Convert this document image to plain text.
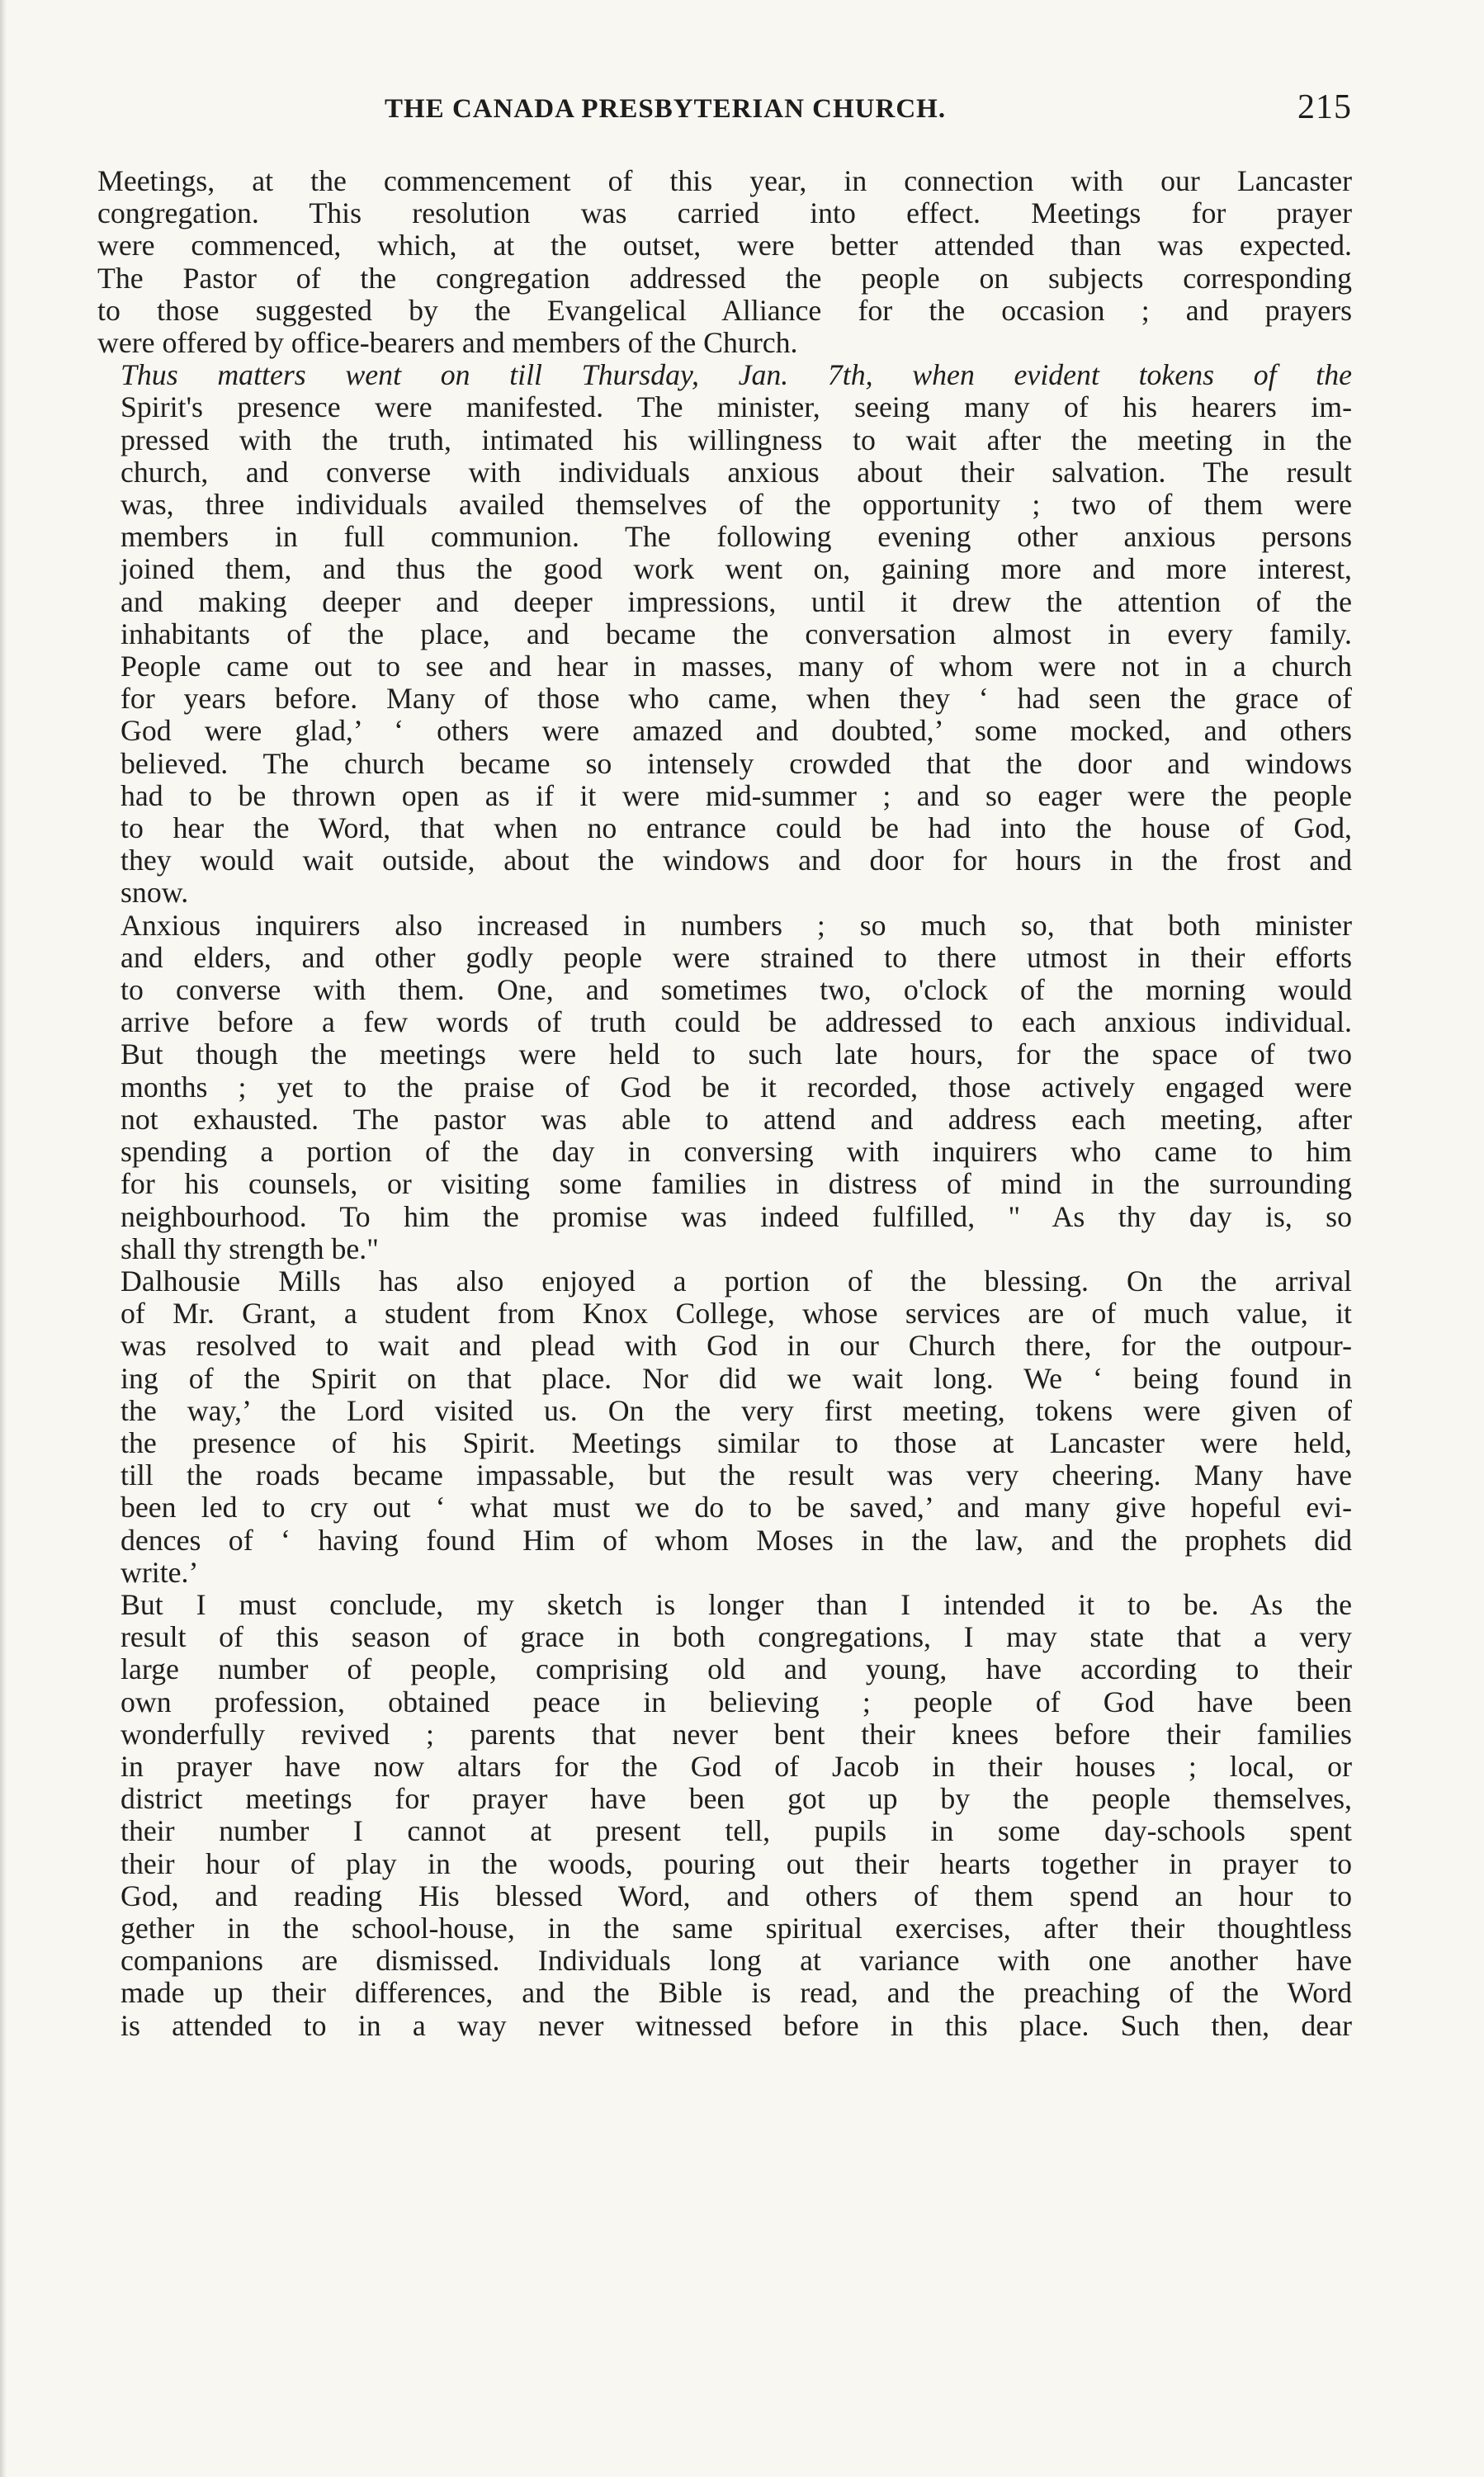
THE CANADA PRESBYTERIAN CHURCH.	215
Meetings, at the commencement of this year, in connection with our Lancaster
congregation. This resolution was carried into effect. Meetings for prayer
were commenced, which, at the outset, were better attended than was expected.
The Pastor of the congregation addressed the people on subjects corresponding
to those suggested by the Evangelical Alliance for the occasion ; and prayers
were offered by office-bearers and members of the Church.
Thus matters went on till Thursday, Jan. 7th, when evident tokens of the
Spirit's presence were manifested. The minister, seeing many of his hearers im-
pressed with the truth, intimated his willingness to wait after the meeting in the
church, and converse with individuals anxious about their salvation. The result
was, three individuals availed themselves of the opportunity ; two of them were
members in full communion. The following evening other anxious persons
joined them, and thus the good work went on, gaining more and more interest,
and making deeper and deeper impressions, until it drew the attention of the
inhabitants of the place, and became the conversation almost in every family.
People came out to see and hear in masses, many of whom were not in a church
for years before. Many of those who came, when they ‘ had seen the grace of
God were glad,’ ‘ others were amazed and doubted,’ some mocked, and others
believed. The church became so intensely crowded that the door and windows
had to be thrown open as if it were mid-summer ; and so eager were the people
to hear the Word, that when no entrance could be had into the house of God,
they would wait outside, about the windows and door for hours in the frost and
snow.
Anxious inquirers also increased in numbers ; so much so, that both minister
and elders, and other godly people were strained to there utmost in their efforts
to converse with them. One, and sometimes two, o'clock of the morning would
arrive before a few words of truth could be addressed to each anxious individual.
But though the meetings were held to such late hours, for the space of two
months ; yet to the praise of God be it recorded, those actively engaged were
not exhausted. The pastor was able to attend and address each meeting, after
spending a portion of the day in conversing with inquirers who came to him
for his counsels, or visiting some families in distress of mind in the surrounding
neighbourhood. To him the promise was indeed fulfilled, " As thy day is, so
shall thy strength be."
Dalhousie Mills has also enjoyed a portion of the blessing. On the arrival
of Mr. Grant, a student from Knox College, whose services are of much value, it
was resolved to wait and plead with God in our Church there, for the outpour-
ing of the Spirit on that place. Nor did we wait long. We ‘ being found in
the way,’ the Lord visited us. On the very first meeting, tokens were given of
the presence of his Spirit. Meetings similar to those at Lancaster were held,
till the roads became impassable, but the result was very cheering. Many have
been led to cry out ‘ what must we do to be saved,’ and many give hopeful evi-
dences of ‘ having found Him of whom Moses in the law, and the prophets did
write.’
But I must conclude, my sketch is longer than I intended it to be. As the
result of this season of grace in both congregations, I may state that a very
large number of people, comprising old and young, have according to their
own profession, obtained peace in believing ; people of God have been
wonderfully revived ; parents that never bent their knees before their families
in prayer have now altars for the God of Jacob in their houses ; local, or
district meetings for prayer have been got up by the people themselves,
their number I cannot at present tell, pupils in some day-schools spent
their hour of play in the woods, pouring out their hearts together in prayer to
God, and reading His blessed Word, and others of them spend an hour to
gether in the school-house, in the same spiritual exercises, after their thoughtless
companions are dismissed. Individuals long at variance with one another have
made up their differences, and the Bible is read, and the preaching of the Word
is attended to in a way never witnessed before in this place. Such then, dear
